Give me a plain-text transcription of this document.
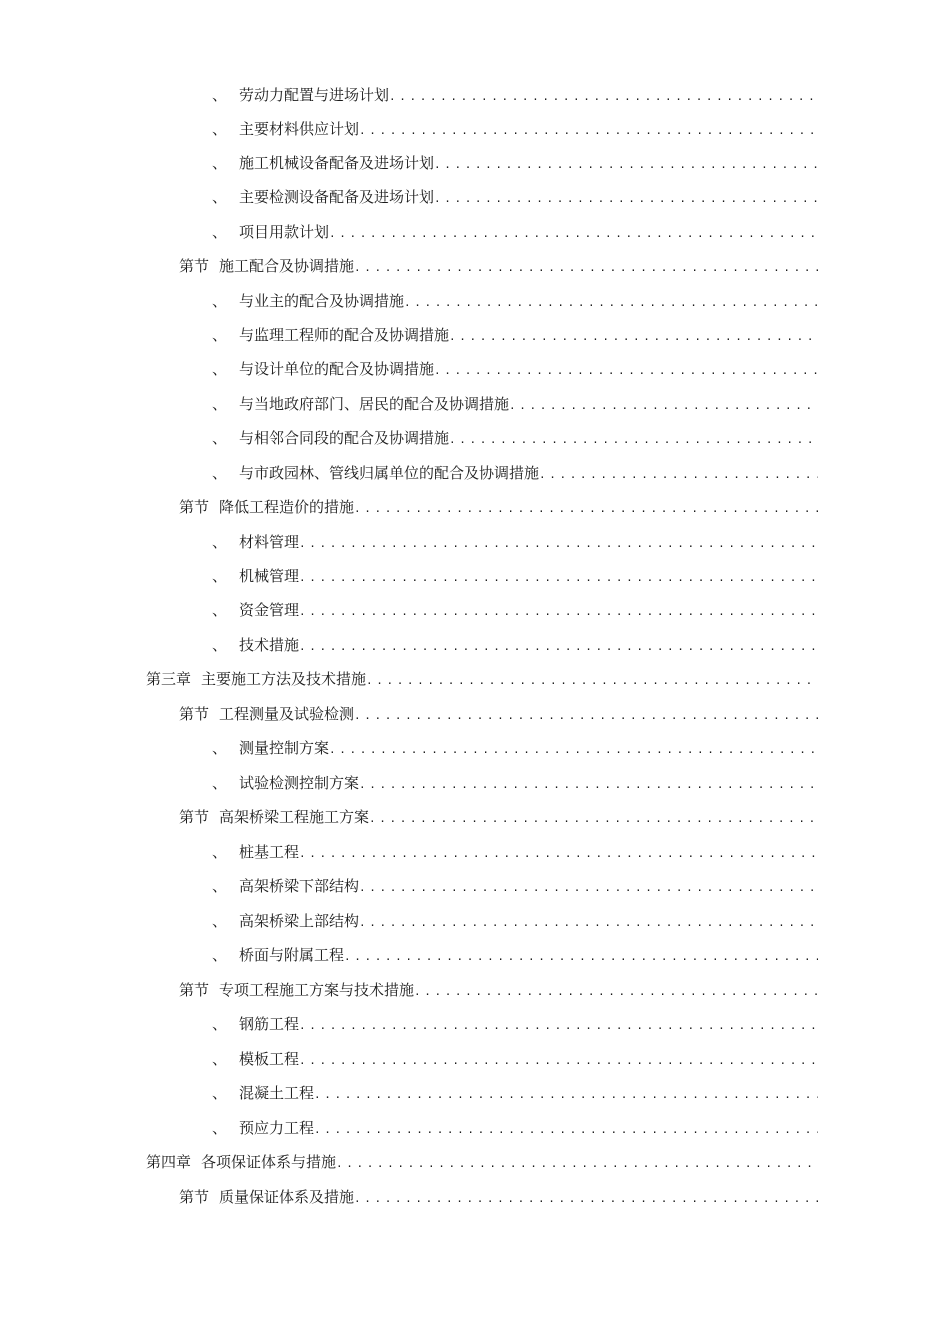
、 劳动力配置与进场计划
.....
、 主要材料供应计划
.....
、 施工机械设备配备及进场计划
.....
、 主要检测设备配备及进场计划
.....
、 项目用款计划
.....
第节 施工配合及协调措施
.....
、 与业主的配合及协调措施
.....
、 与监理工程师的配合及协调措施
.....
、 与设计单位的配合及协调措施
.....
、 与当地政府部门、居民的配合及协调措施
.....
、 与相邻合同段的配合及协调措施
.....
、 与市政园林、管线归属单位的配合及协调措施
.....
第节 降低工程造价的措施
.....
、 材料管理
.....
、 机械管理
.....
、 资金管理
.....
、 技术措施
.....
第三章 主要施工方法及技术措施
.....
第节 工程测量及试验检测
.....
、 测量控制方案
.....
、 试验检测控制方案
.....
第节 高架桥梁工程施工方案
.....
、 桩基工程
.....
、 高架桥梁下部结构
.....
、 高架桥梁上部结构
.....
、 桥面与附属工程
.....
第节 专项工程施工方案与技术措施
.....
、 钢筋工程
.....
、 模板工程
.....
、 混凝土工程
.....
、 预应力工程
.....
第四章 各项保证体系与措施
.....
第节 质量保证体系及措施
.....
